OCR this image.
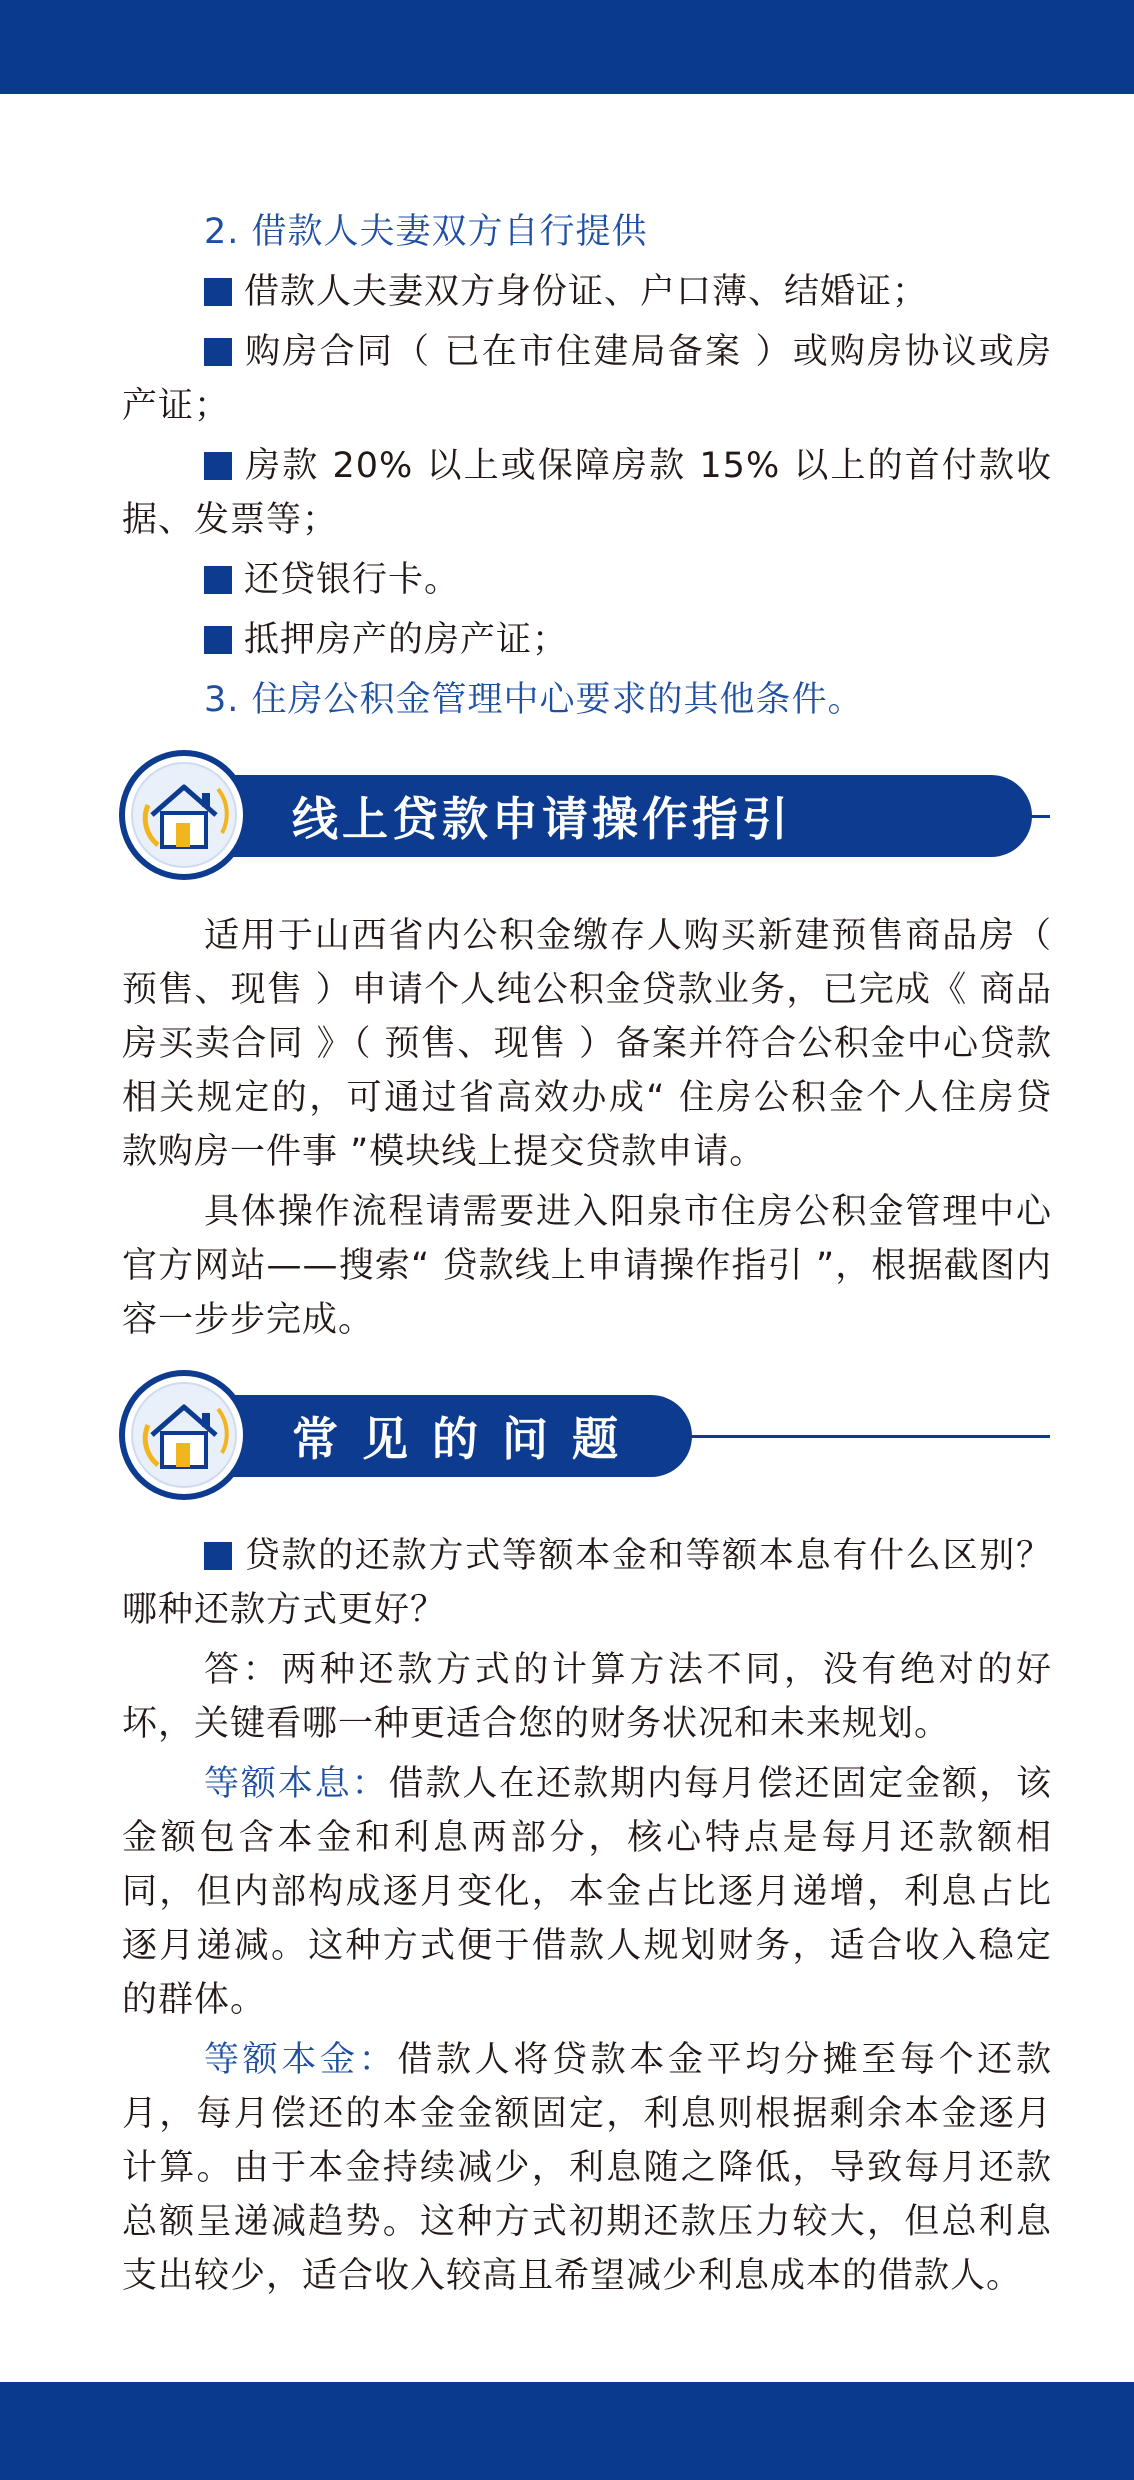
2. 借款人夫妻双方自行提供

借款人夫妻双方身份证、户口薄、结婚证；

购房合同（ 已在市住建局备案 ）或购房协议或房产证；

房款 20% 以上或保障房款 15% 以上的首付款收据、发票等；

还贷银行卡。

抵押房产的房产证；

3. 住房公积金管理中心要求的其他条件。

线上贷款申请操作指引

适用于山西省内公积金缴存人购买新建预售商品房（ 预售、现售 ）申请个人纯公积金贷款业务，已完成《 商品房买卖合同 》（ 预售、现售 ）备案并符合公积金中心贷款相关规定的，可通过省高效办成“ 住房公积金个人住房贷款购房一件事 ”模块线上提交贷款申请。

具体操作流程请需要进入阳泉市住房公积金管理中心官方网站——搜索“ 贷款线上申请操作指引 ”，根据截图内容一步步完成。

常 见 的 问 题

贷款的还款方式等额本金和等额本息有什么区别？哪种还款方式更好？

答：两种还款方式的计算方法不同，没有绝对的好坏，关键看哪一种更适合您的财务状况和未来规划。

等额本息：借款人在还款期内每月偿还固定金额，该金额包含本金和利息两部分，核心特点是每月还款额相同，但内部构成逐月变化，本金占比逐月递增，利息占比逐月递减。这种方式便于借款人规划财务，适合收入稳定的群体。

等额本金：借款人将贷款本金平均分摊至每个还款月，每月偿还的本金金额固定，利息则根据剩余本金逐月计算。由于本金持续减少，利息随之降低，导致每月还款总额呈递减趋势。这种方式初期还款压力较大，但总利息支出较少，适合收入较高且希望减少利息成本的借款人。
